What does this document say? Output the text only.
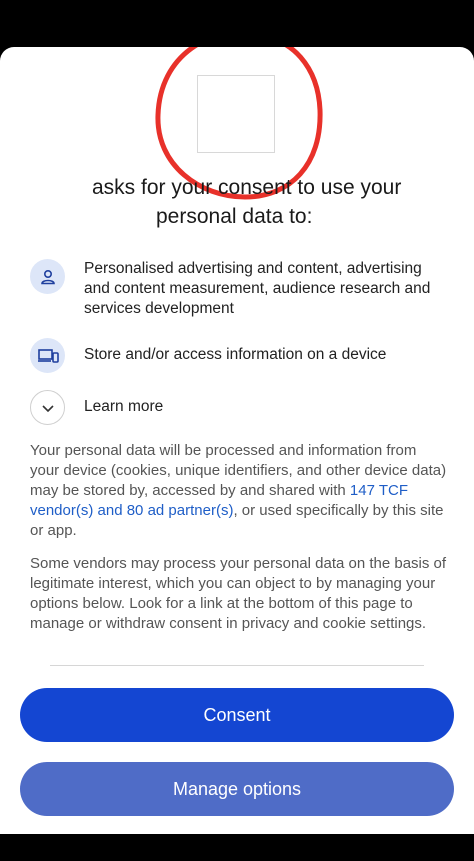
asks for your consent to use your
personal data to:
Personalised advertising and content, advertising and content measurement, audience research and services development
Store and/or access information on a device
Learn more
Your personal data will be processed and information from your device (cookies, unique identifiers, and other device data) may be stored by, accessed by and shared with 147 TCF vendor(s) and 80 ad partner(s), or used specifically by this site or app.
Some vendors may process your personal data on the basis of legitimate interest, which you can object to by managing your options below. Look for a link at the bottom of this page to manage or withdraw consent in privacy and cookie settings.
Consent
Manage options
